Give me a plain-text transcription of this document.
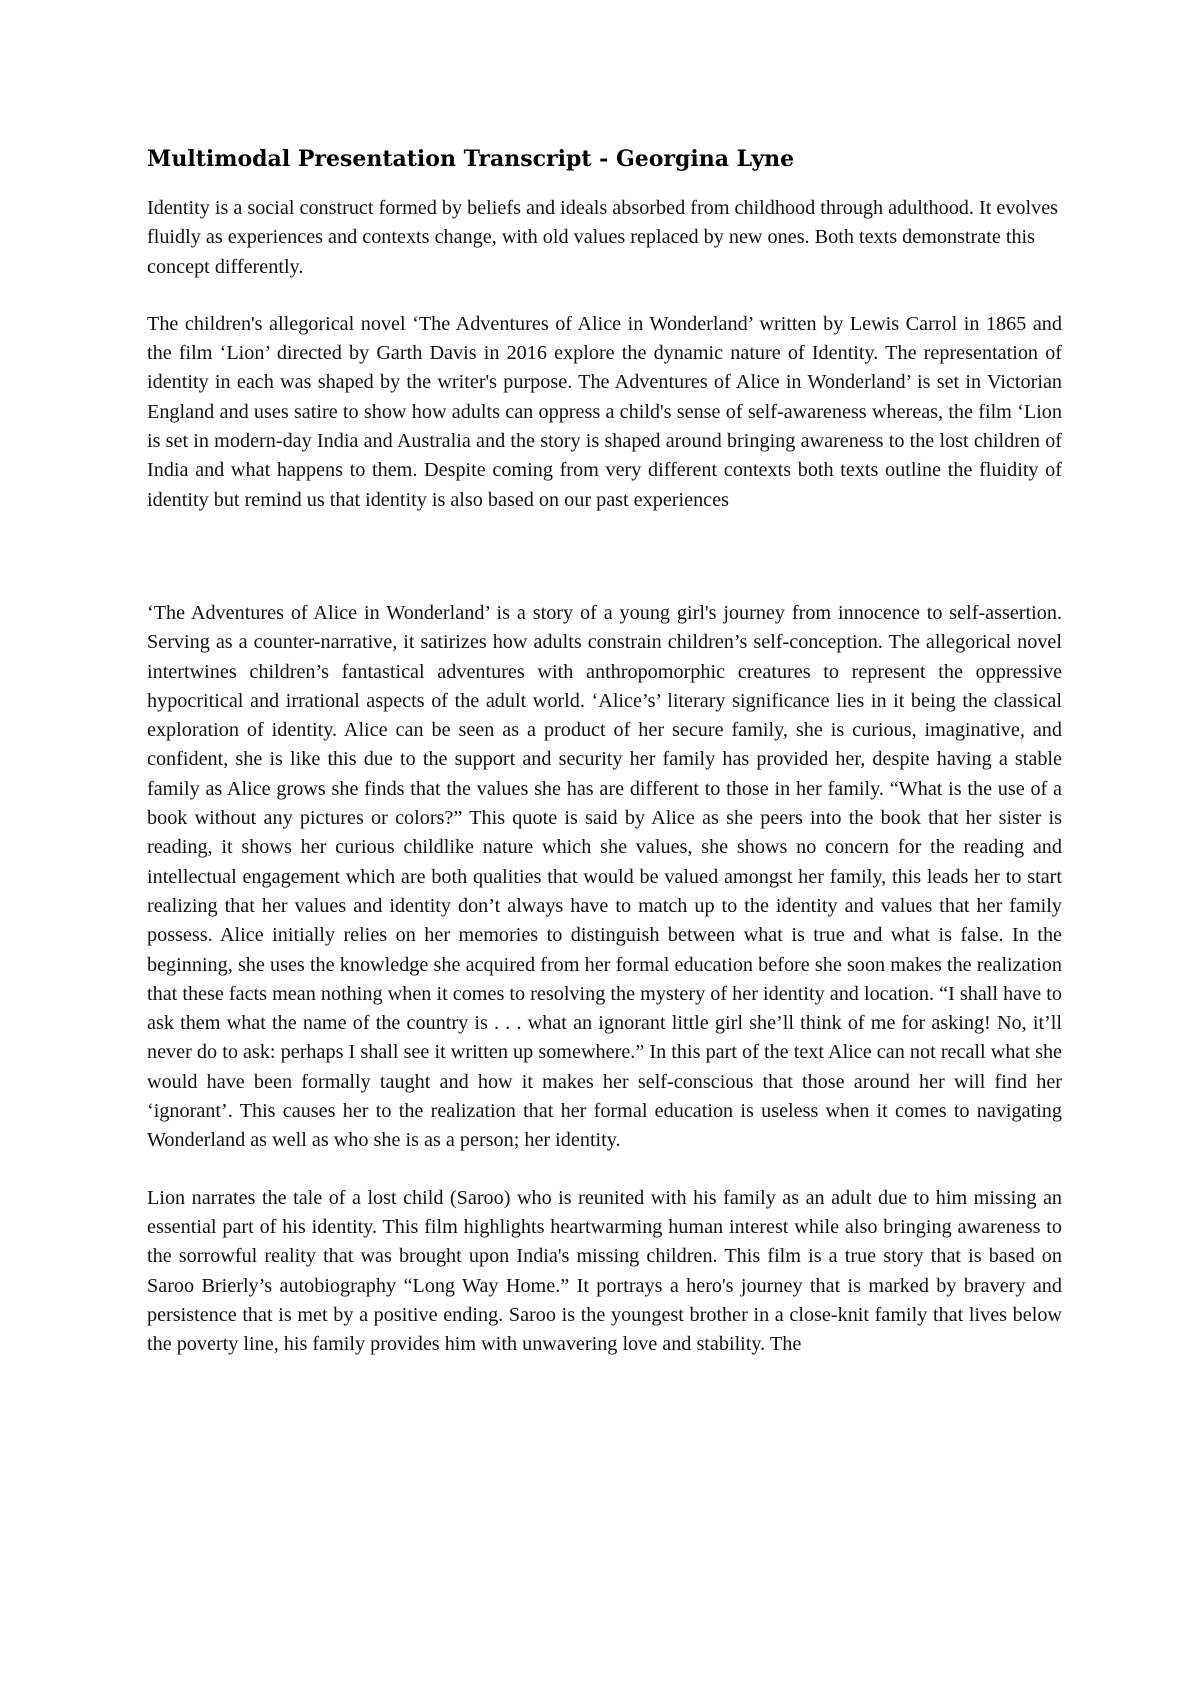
Multimodal Presentation Transcript - Georgina Lyne

Identity is a social construct formed by beliefs and ideals absorbed from childhood through adulthood. It evolves fluidly as experiences and contexts change, with old values replaced by new ones. Both texts demonstrate this concept differently.

The children's allegorical novel ‘The Adventures of Alice in Wonderland’ written by Lewis Carrol in 1865 and the film ‘Lion’ directed by Garth Davis in 2016 explore the dynamic nature of Identity. The representation of identity in each was shaped by the writer's purpose. The Adventures of Alice in Wonderland’ is set in Victorian England and uses satire to show how adults can oppress a child's sense of self-awareness whereas, the film ‘Lion is set in modern-day India and Australia and the story is shaped around bringing awareness to the lost children of India and what happens to them. Despite coming from very different contexts both texts outline the fluidity of identity but remind us that identity is also based on our past experiences

‘The Adventures of Alice in Wonderland’ is a story of a young girl's journey from innocence to self-assertion. Serving as a counter-narrative, it satirizes how adults constrain children’s self-conception. The allegorical novel intertwines children’s fantastical adventures with anthropomorphic creatures to represent the oppressive hypocritical and irrational aspects of the adult world. ‘Alice’s’ literary significance lies in it being the classical exploration of identity. Alice can be seen as a product of her secure family, she is curious, imaginative, and confident, she is like this due to the support and security her family has provided her, despite having a stable family as Alice grows she finds that the values she has are different to those in her family. “What is the use of a book without any pictures or colors?” This quote is said by Alice as she peers into the book that her sister is reading, it shows her curious childlike nature which she values, she shows no concern for the reading and intellectual engagement which are both qualities that would be valued amongst her family, this leads her to start realizing that her values and identity don’t always have to match up to the identity and values that her family possess. Alice initially relies on her memories to distinguish between what is true and what is false. In the beginning, she uses the knowledge she acquired from her formal education before she soon makes the realization that these facts mean nothing when it comes to resolving the mystery of her identity and location. “I shall have to ask them what the name of the country is . . . what an ignorant little girl she’ll think of me for asking! No, it’ll never do to ask: perhaps I shall see it written up somewhere.” In this part of the text Alice can not recall what she would have been formally taught and how it makes her self-conscious that those around her will find her ‘ignorant’. This causes her to the realization that her formal education is useless when it comes to navigating Wonderland as well as who she is as a person; her identity.

Lion narrates the tale of a lost child (Saroo) who is reunited with his family as an adult due to him missing an essential part of his identity. This film highlights heartwarming human interest while also bringing awareness to the sorrowful reality that was brought upon India's missing children. This film is a true story that is based on Saroo Brierly’s autobiography “Long Way Home.” It portrays a hero's journey that is marked by bravery and persistence that is met by a positive ending. Saroo is the youngest brother in a close-knit family that lives below the poverty line, his family provides him with unwavering love and stability. The
